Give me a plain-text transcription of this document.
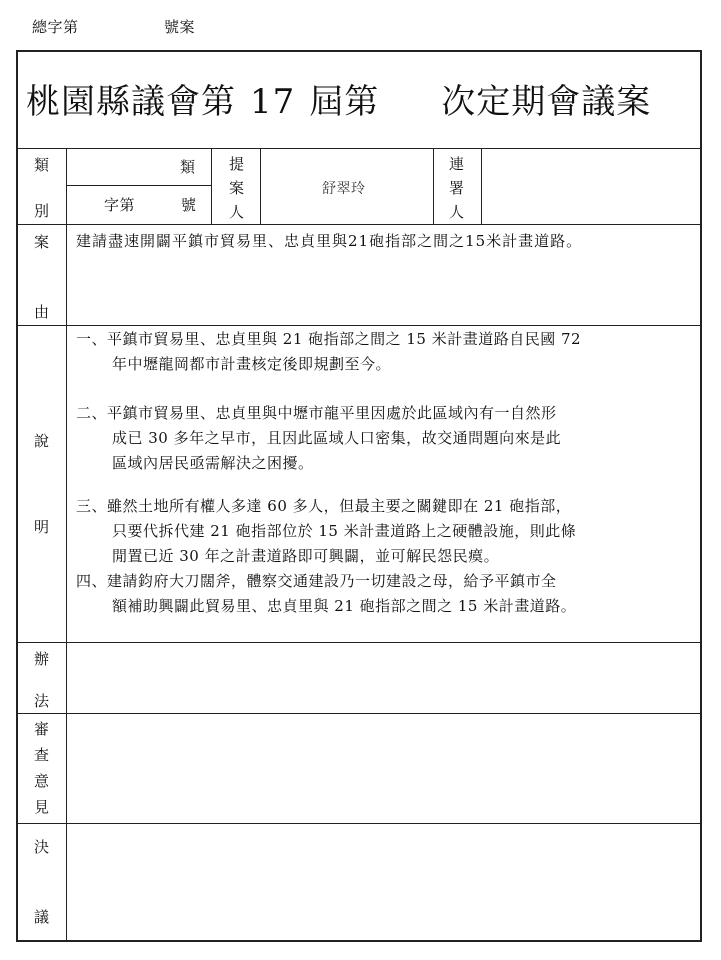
總字第	號案
桃園縣議會第 17 屆第 次定期會議案
類
別
類
字第	號
提
案
人
舒翠玲
連
署
人
案
由
建請盡速開闢平鎮市貿易里、忠貞里與21砲指部之間之15米計畫道路。
說
明
一、平鎮市貿易里、忠貞里與 21 砲指部之間之 15 米計畫道路自民國 72
年中壢龍岡都市計畫核定後即規劃至今。
二、平鎮市貿易里、忠貞里與中壢市龍平里因處於此區域內有一自然形
成已 30 多年之早市，且因此區域人口密集，故交通問題向來是此
區域內居民亟需解決之困擾。
三、雖然土地所有權人多達 60 多人，但最主要之關鍵即在 21 砲指部，
只要代拆代建 21 砲指部位於 15 米計畫道路上之硬體設施，則此條
閒置已近 30 年之計畫道路即可興闢，並可解民怨民瘼。
四、建請鈞府大刀闊斧，體察交通建設乃一切建設之母，給予平鎮市全
額補助興闢此貿易里、忠貞里與 21 砲指部之間之 15 米計畫道路。
辦
法
審
查
意
見
決
議
